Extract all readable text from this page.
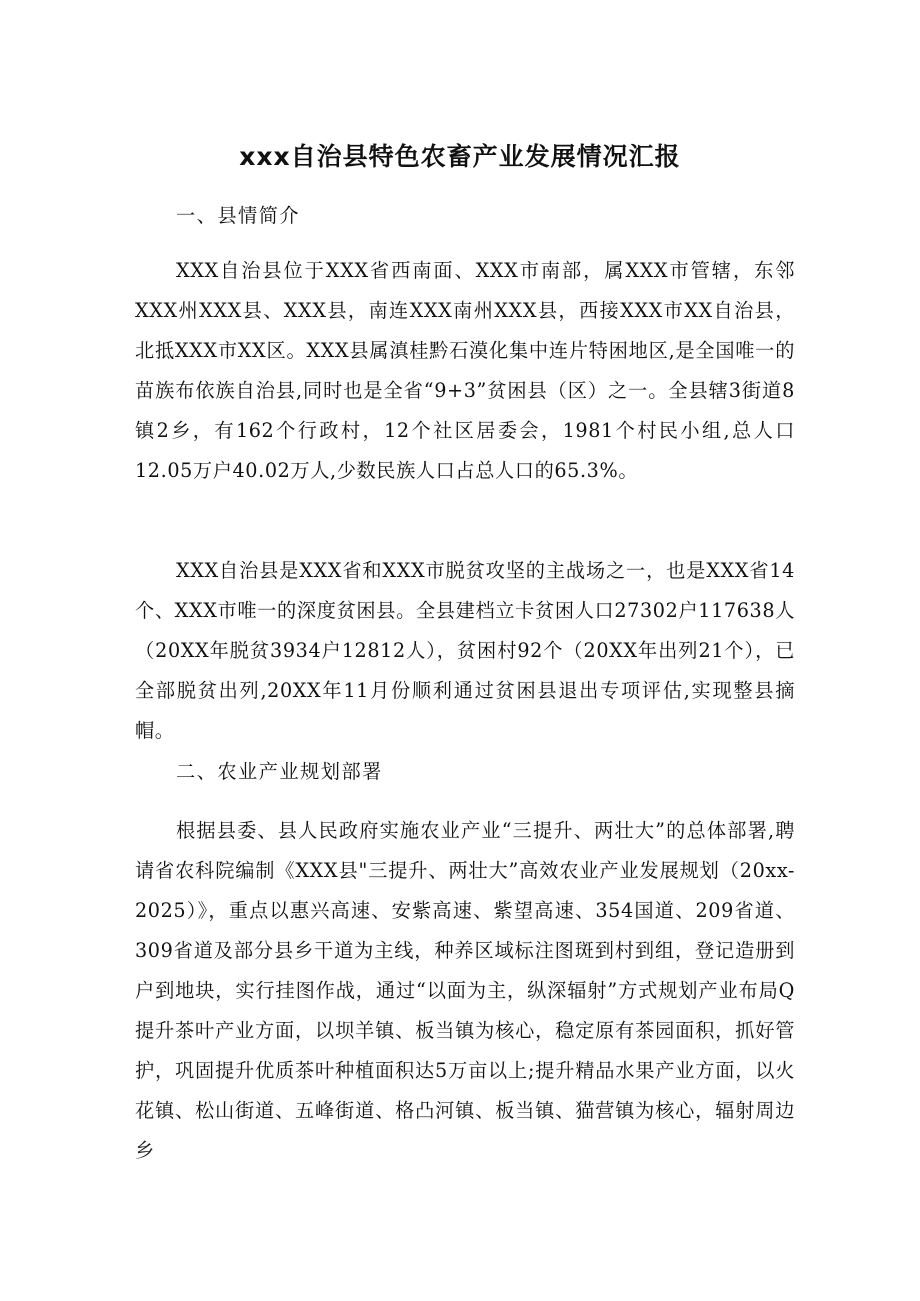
xxx自治县特色农畜产业发展情况汇报

一、县情简介

XXX自治县位于XXX省西南面、XXX市南部，属XXX市管辖，东邻XXX州XXX县、XXX县，南连XXX南州XXX县，西接XXX市XX自治县，北抵XXX市XX区。XXX县属滇桂黔石漠化集中连片特困地区,是全国唯一的苗族布依族自治县,同时也是全省“9+3”贫困县（区）之一。全县辖3街道8镇2乡，有162个行政村，12个社区居委会，1981个村民小组,总人口12.05万户40.02万人,少数民族人口占总人口的65.3%。

XXX自治县是XXX省和XXX市脱贫攻坚的主战场之一，也是XXX省14个、XXX市唯一的深度贫困县。全县建档立卡贫困人口27302户117638人（20XX年脱贫3934户12812人），贫困村92个（20XX年出列21个），已全部脱贫出列,20XX年11月份顺利通过贫困县退出专项评估,实现整县摘帽。

二、农业产业规划部署

根据县委、县人民政府实施农业产业“三提升、两壮大”的总体部署,聘请省农科院编制《XXX县"三提升、两壮大”高效农业产业发展规划（20xx-2025）》，重点以惠兴高速、安紫高速、紫望高速、354国道、209省道、309省道及部分县乡干道为主线，种养区域标注图斑到村到组，登记造册到户到地块，实行挂图作战，通过“以面为主，纵深辐射”方式规划产业布局Q提升茶叶产业方面，以坝羊镇、板当镇为核心，稳定原有茶园面积，抓好管护，巩固提升优质茶叶种植面积达5万亩以上;提升精品水果产业方面，以火花镇、松山街道、五峰街道、格凸河镇、板当镇、猫营镇为核心，辐射周边乡
